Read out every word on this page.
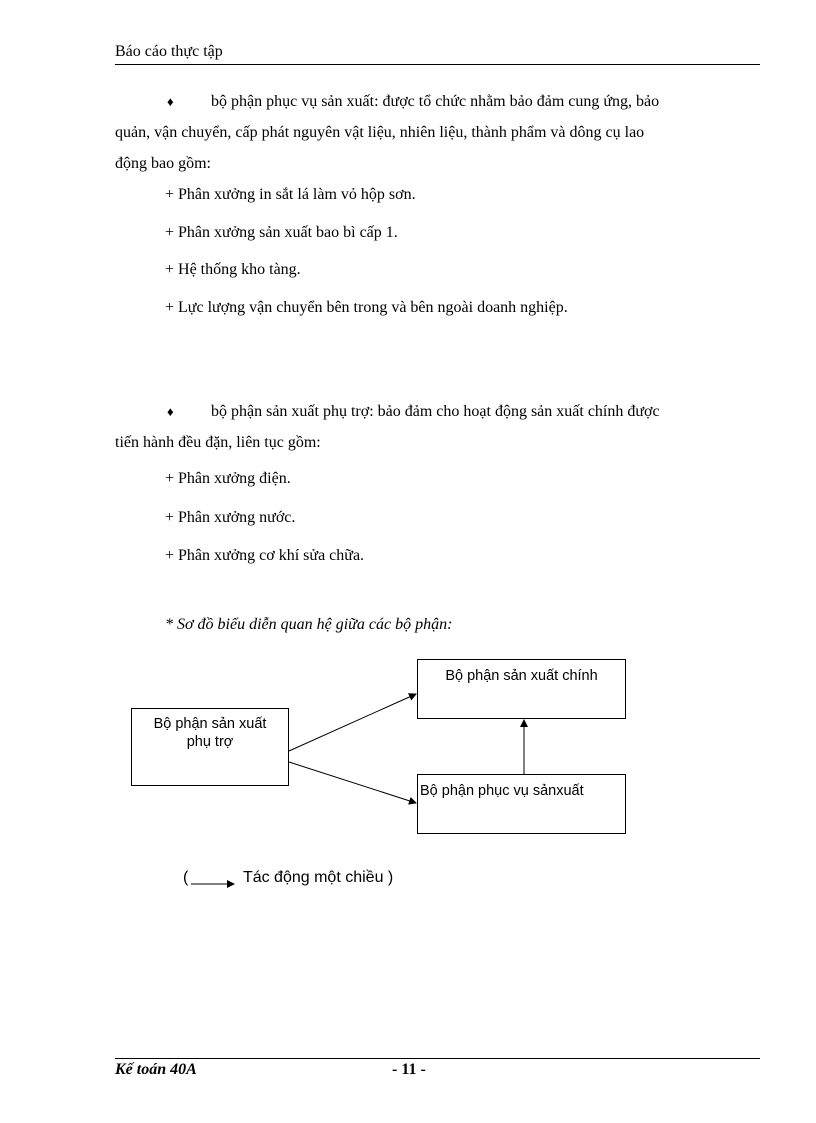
Báo cáo thực tập
♦ bộ phận phục vụ sản xuất: được tổ chức nhằm bảo đảm cung ứng, bảo
quản, vận chuyển, cấp phát nguyên vật liệu, nhiên liệu, thành phẩm và dông cụ lao
động bao gồm:
+ Phân xưởng in sắt lá làm vỏ hộp sơn.
+ Phân xưởng sản xuất bao bì cấp 1.
+ Hệ thống kho tàng.
+ Lực lượng vận chuyển bên trong và bên ngoài doanh nghiệp.
♦ bộ phận sản xuất phụ trợ: bảo đảm cho hoạt động sản xuất chính được
tiến hành đều đặn, liên tục gồm:
+ Phân xưởng điện.
+ Phân xưởng nước.
+ Phân xưởng cơ khí sửa chữa.
* Sơ đồ biểu diễn quan hệ giữa các bộ phận:
Bộ phận sản xuất
phụ trợ
Bộ phận sản xuất chính
Bộ phận phục vụ sảnxuất
(	Tác động một chiều )
Kế toán 40A	- 11 -
